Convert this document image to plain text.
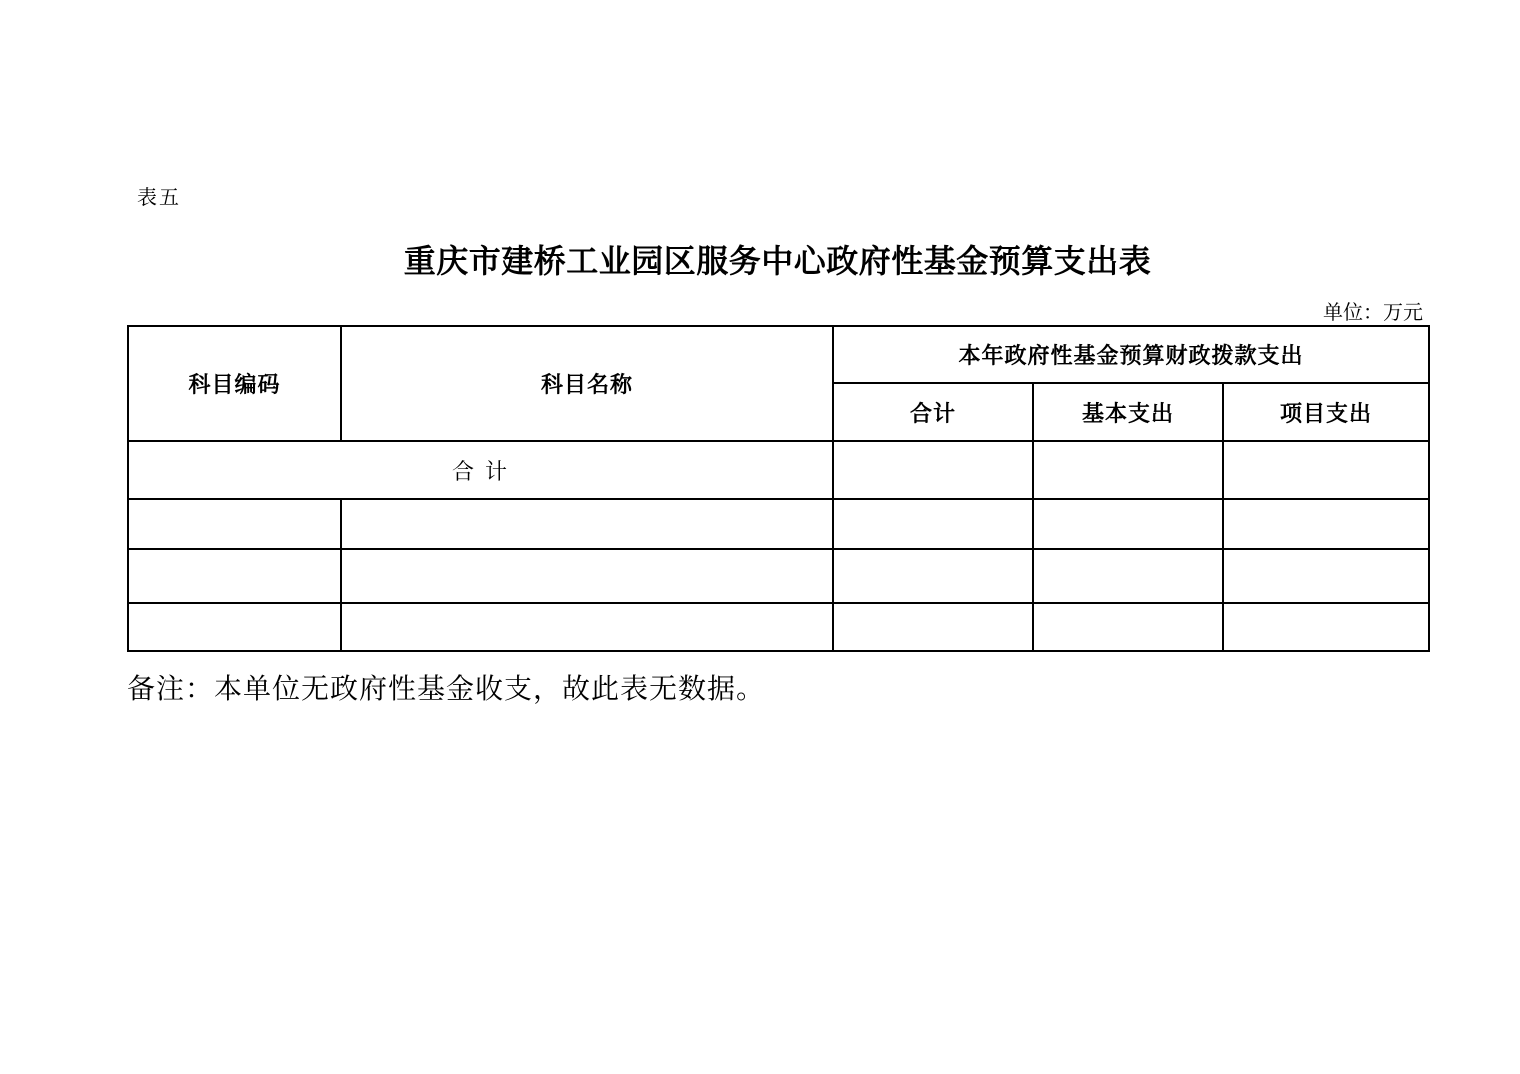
表五
重庆市建桥工业园区服务中心政府性基金预算支出表
单位：万元
科目编码	科目名称	本年政府性基金预算财政拨款支出		
		合计	基本支出	项目支出
合 计				

备注：本单位无政府性基金收支，故此表无数据。
